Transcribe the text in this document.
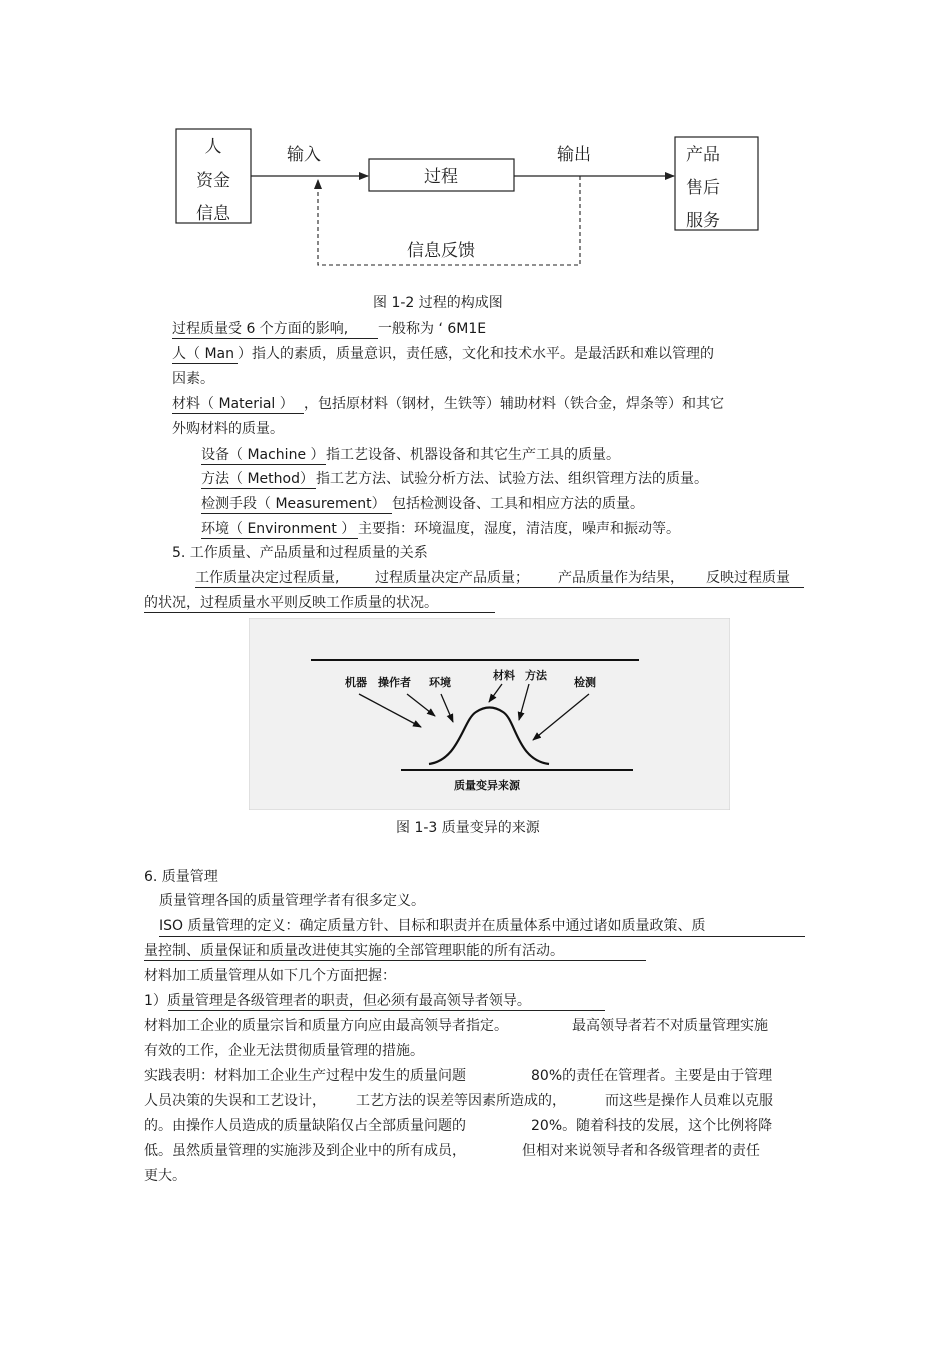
人
资金
信息
输入
过程
输出	产品
售后
服务
信息反馈
图 1-2 过程的构成图
过程质量受 6 个方面的影响, 一般称为 ‘ 6M1E
人（ Man ）指人的素质，质量意识，责任感，文化和技术水平。是最活跃和难以管理的
因素。
材料（ Material ） ，包括原材料（钢材，生铁等）辅助材料（铁合金，焊条等）和其它
外购材料的质量。
设备（ Machine ）指工艺设备、机器设备和其它生产工具的质量。
方法（ Method） 指工艺方法、试验分析方法、试验方法、组织管理方法的质量。
检测手段（ Measurement） 包括检测设备、工具和相应方法的质量。
环境（ Environment ） 主要指：环境温度，湿度，清洁度，噪声和振动等。
5. 工作质量、产品质量和过程质量的关系
工作质量决定过程质量,	过程质量决定产品质量； 产品质量作为结果， 反映过程质量
的状况，过程质量水平则反映工作质量的状况。
机器 操作者 环境
材料 方法
检测
质量变异来源
图 1-3 质量变异的来源
6. 质量管理
质量管理各国的质量管理学者有很多定义。
ISO 质量管理的定义：确定质量方针、目标和职责并在质量体系中通过诸如质量政策、质
量控制、质量保证和质量改进使其实施的全部管理职能的所有活动。
材料加工质量管理从如下几个方面把握：
1）质量管理是各级管理者的职责，但必须有最高领导者领导。
材料加工企业的质量宗旨和质量方向应由最高领导者指定。	最高领导者若不对质量管理实施
有效的工作，企业无法贯彻质量管理的措施。
实践表明：材料加工企业生产过程中发生的质量问题	80%的责任在管理者。主要是由于管理
人员决策的失误和工艺设计， 工艺方法的误差等因素所造成的，	而这些是操作人员难以克服
的。由操作人员造成的质量缺陷仅占全部质量问题的	20%。随着科技的发展，这个比例将降
低。虽然质量管理的实施涉及到企业中的所有成员，	但相对来说领导者和各级管理者的责任
更大。
